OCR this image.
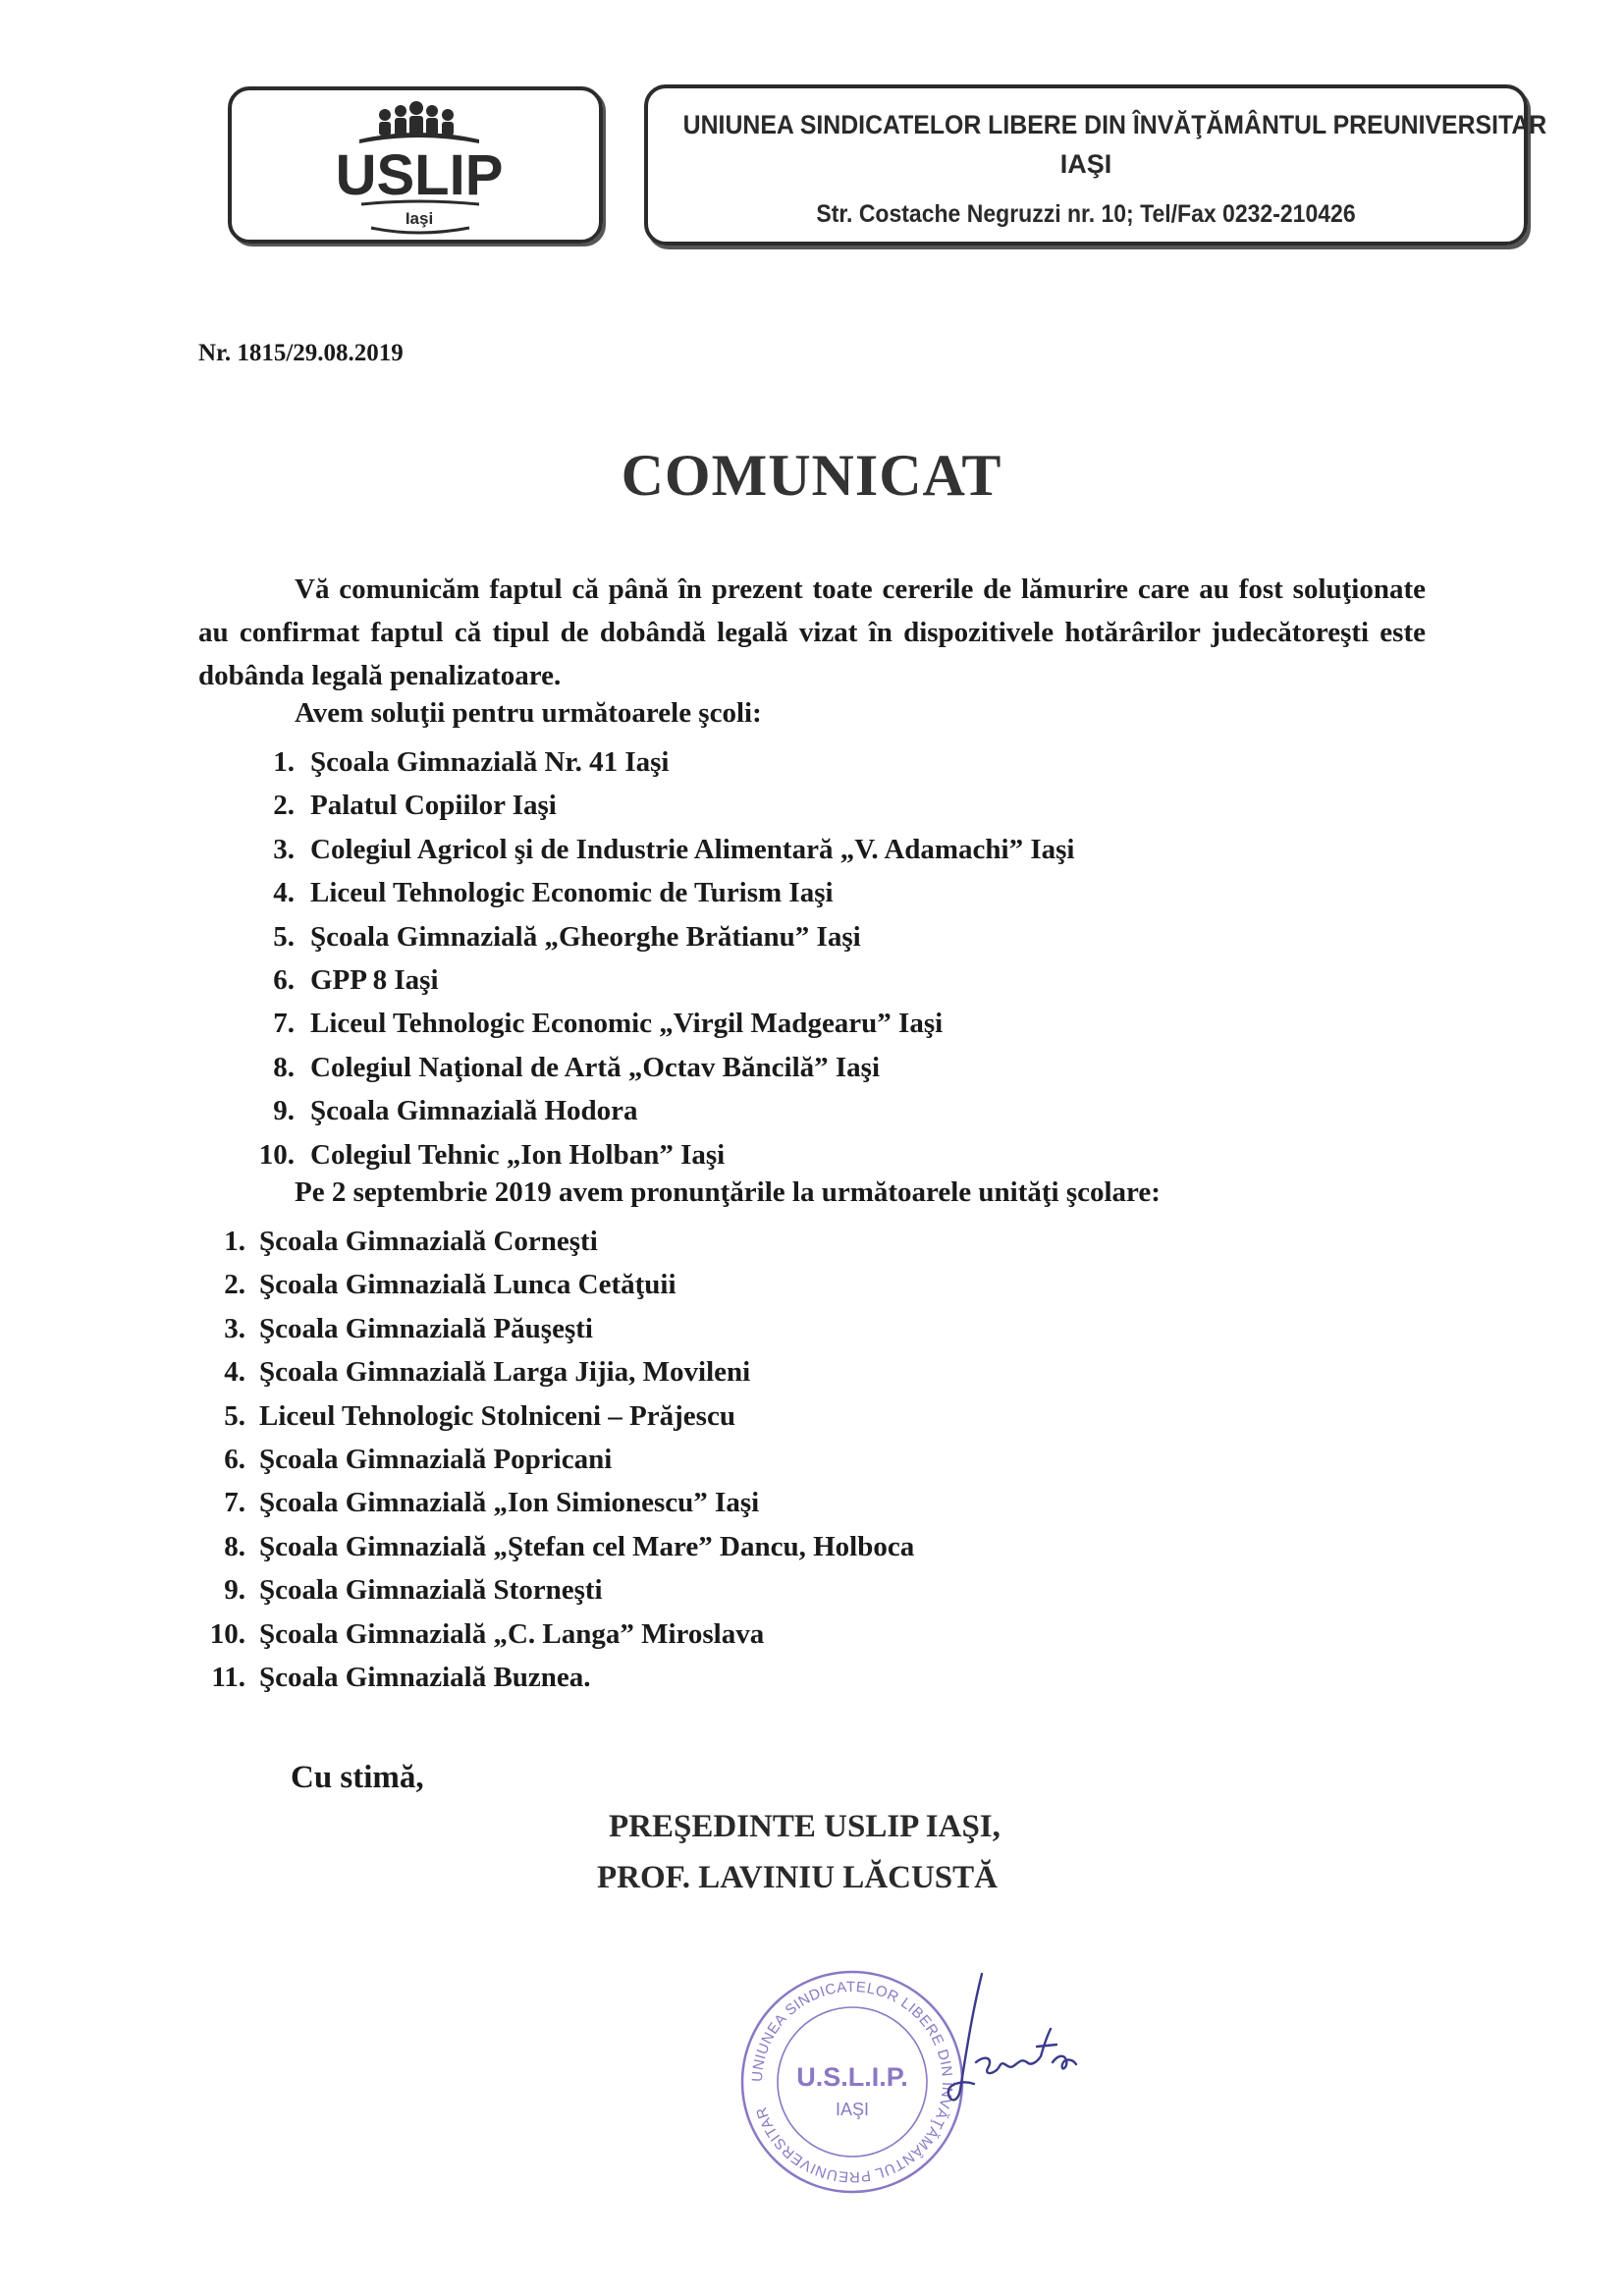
USLIP
Iaşi
UNIUNEA SINDICATELOR LIBERE DIN ÎNVĂŢĂMÂNTUL PREUNIVERSITAR
IAŞI
Str. Costache Negruzzi nr. 10; Tel/Fax 0232-210426
Nr. 1815/29.08.2019
COMUNICAT
Vă comunicăm faptul că până în prezent toate cererile de lămurire care au fost soluţionate au confirmat faptul că tipul de dobândă legală vizat în dispozitivele hotărârilor judecătoreşti este dobânda legală penalizatoare.
Avem soluţii pentru următoarele şcoli:
1. Şcoala Gimnazială Nr. 41 Iaşi
2. Palatul Copiilor Iaşi
3. Colegiul Agricol şi de Industrie Alimentară „V. Adamachi” Iaşi
4. Liceul Tehnologic Economic de Turism Iaşi
5. Şcoala Gimnazială „Gheorghe Brătianu” Iaşi
6. GPP 8 Iaşi
7. Liceul Tehnologic Economic „Virgil Madgearu” Iaşi
8. Colegiul Naţional de Artă „Octav Băncilă” Iaşi
9. Şcoala Gimnazială Hodora
10. Colegiul Tehnic „Ion Holban” Iaşi
Pe 2 septembrie 2019 avem pronunţările la următoarele unităţi şcolare:
1. Şcoala Gimnazială Corneşti
2. Şcoala Gimnazială Lunca Cetăţuii
3. Şcoala Gimnazială Păuşeşti
4. Şcoala Gimnazială Larga Jijia, Movileni
5. Liceul Tehnologic Stolniceni – Prăjescu
6. Şcoala Gimnazială Popricani
7. Şcoala Gimnazială „Ion Simionescu” Iaşi
8. Şcoala Gimnazială „Ştefan cel Mare” Dancu, Holboca
9. Şcoala Gimnazială Storneşti
10. Şcoala Gimnazială „C. Langa” Miroslava
11. Şcoala Gimnazială Buznea.
Cu stimă,
PREŞEDINTE USLIP IAŞI,
PROF. LAVINIU LĂCUSTĂ
UNIUNEA SINDICATELOR LIBERE DIN ÎNVĂŢĂMÂNTUL PREUNIVERSITAR
U.S.L.I.P.
IAŞI
